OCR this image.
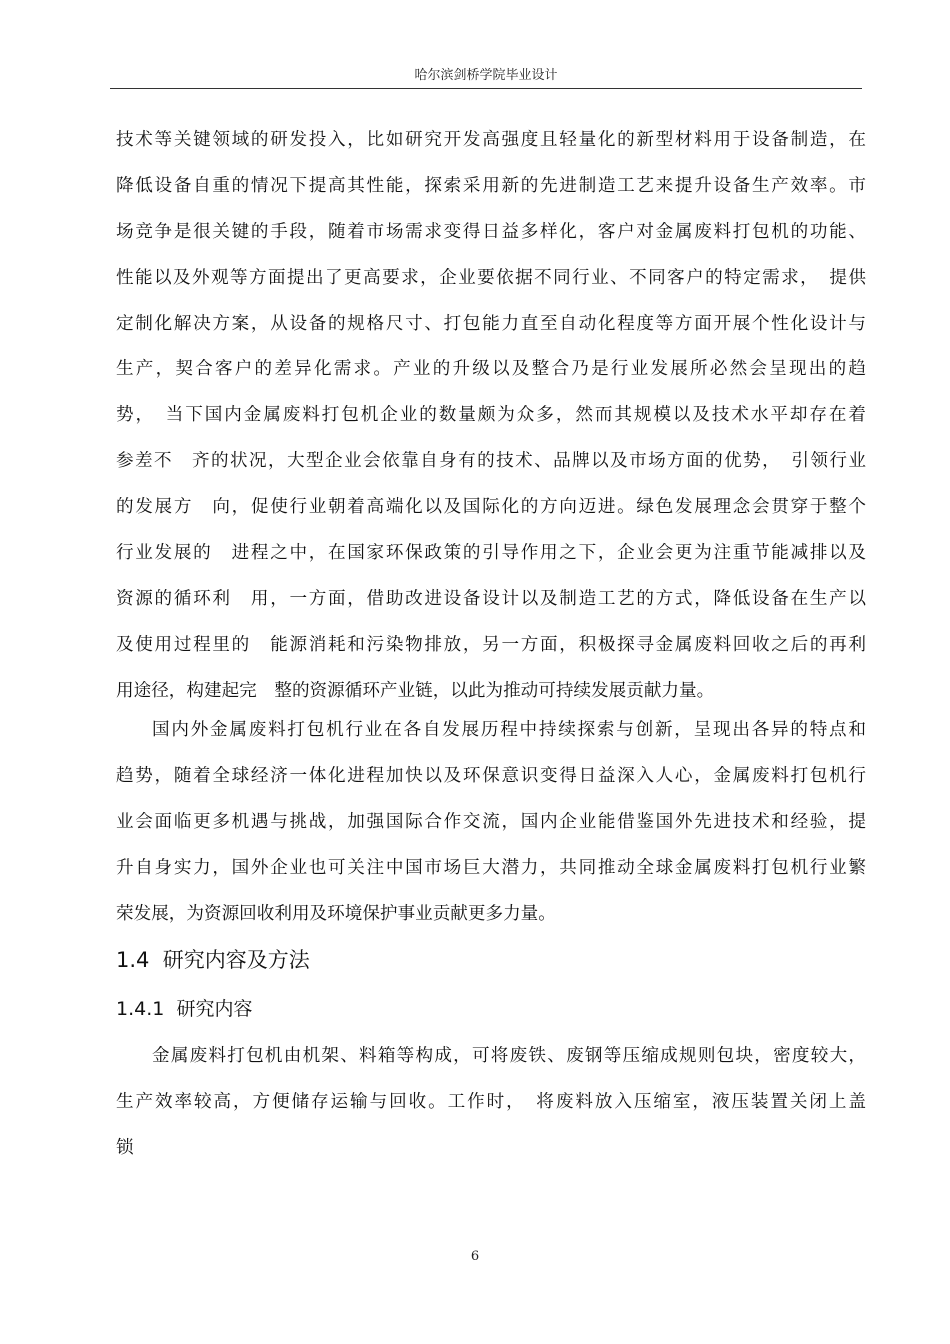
哈尔滨剑桥学院毕业设计
技术等关键领域的研发投入，比如研究开发高强度且轻量化的新型材料用于设备制造，在
降低设备自重的情况下提高其性能，探索采用新的先进制造工艺来提升设备生产效率。市
场竞争是很关键的手段，随着市场需求变得日益多样化，客户对金属废料打包机的功能、
性能以及外观等方面提出了更高要求，企业要依据不同行业、不同客户的特定需求，　提供
定制化解决方案，从设备的规格尺寸、打包能力直至自动化程度等方面开展个性化设计与
生产，契合客户的差异化需求。产业的升级以及整合乃是行业发展所必然会呈现出的趋
势，　当下国内金属废料打包机企业的数量颇为众多，然而其规模以及技术水平却存在着
参差不　齐的状况，大型企业会依靠自身有的技术、品牌以及市场方面的优势，　引领行业
的发展方　向，促使行业朝着高端化以及国际化的方向迈进。绿色发展理念会贯穿于整个
行业发展的　进程之中，在国家环保政策的引导作用之下，企业会更为注重节能减排以及
资源的循环利　用，一方面，借助改进设备设计以及制造工艺的方式，降低设备在生产以
及使用过程里的　能源消耗和污染物排放，另一方面，积极探寻金属废料回收之后的再利
用途径，构建起完　整的资源循环产业链，以此为推动可持续发展贡献力量。
国内外金属废料打包机行业在各自发展历程中持续探索与创新，呈现出各异的特点和
趋势，随着全球经济一体化进程加快以及环保意识变得日益深入人心，金属废料打包机行
业会面临更多机遇与挑战，加强国际合作交流，国内企业能借鉴国外先进技术和经验，提
升自身实力，国外企业也可关注中国市场巨大潜力，共同推动全球金属废料打包机行业繁
荣发展，为资源回收利用及环境保护事业贡献更多力量。
1.4 研究内容及方法
1.4.1 研究内容
金属废料打包机由机架、料箱等构成，可将废铁、废钢等压缩成规则包块，密度较大，
生产效率较高，方便储存运输与回收。工作时，　将废料放入压缩室，液压装置关闭上盖
锁
6
